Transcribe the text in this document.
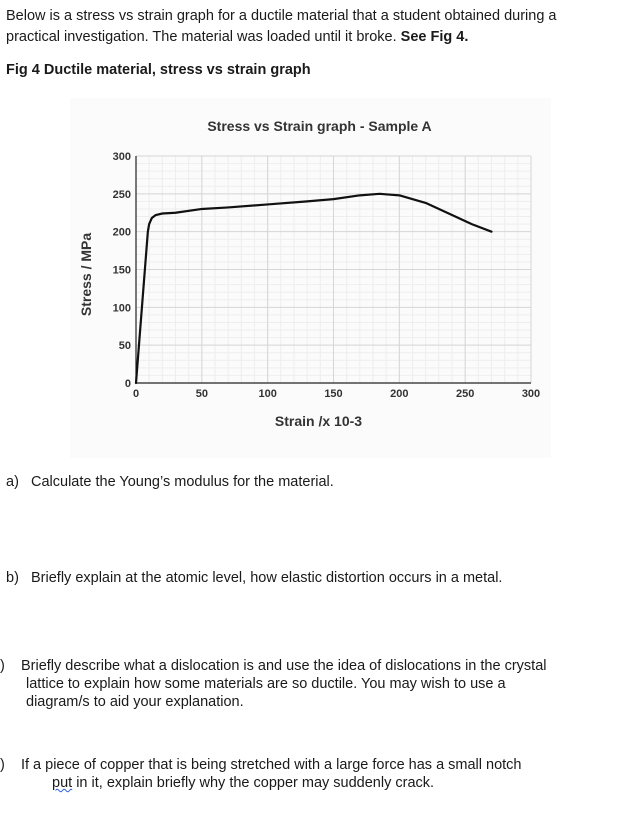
Below is a stress vs strain graph for a ductile material that a student obtained during a practical investigation. The material was loaded until it broke. See Fig 4.
Fig 4 Ductile material, stress vs strain graph
0	50	100	150	200	250	300
0
50
100
150
200
250
300
Stress vs Strain graph - Sample A
Strain /x 10-3
Stress / MPa
a) Calculate the Young’s modulus for the material.
b) Briefly explain at the atomic level, how elastic distortion occurs in a metal.
) Briefly describe what a dislocation is and use the idea of dislocations in the crystal
lattice to explain how some materials are so ductile. You may wish to use a
diagram/s to aid your explanation.
) If a piece of copper that is being stretched with a large force has a small notch
put in it, explain briefly why the copper may suddenly crack.
